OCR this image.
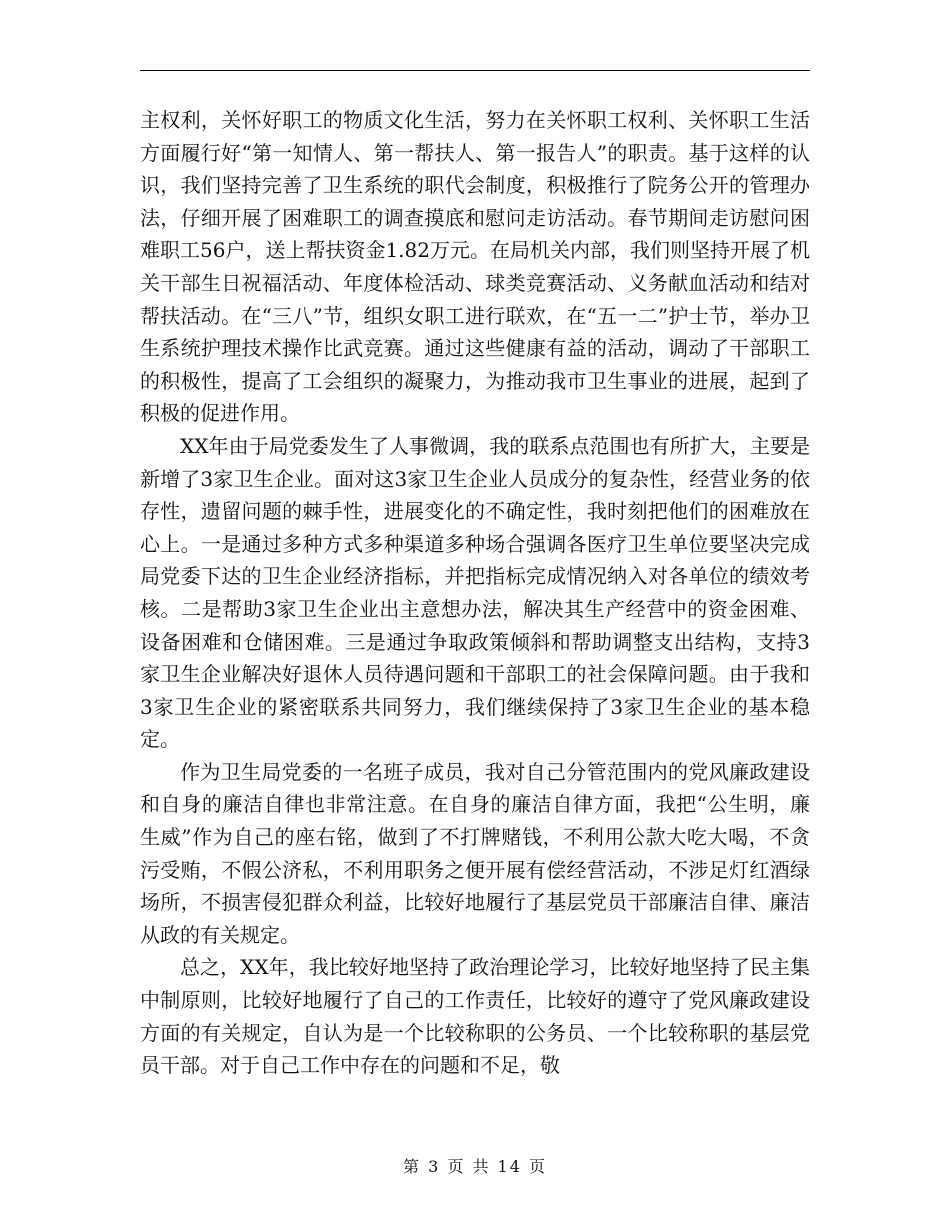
主权利，关怀好职工的物质文化生活，努力在关怀职工权利、关怀职工生活方面履行好“第一知情人、第一帮扶人、第一报告人”的职责。基于这样的认识，我们坚持完善了卫生系统的职代会制度，积极推行了院务公开的管理办法，仔细开展了困难职工的调查摸底和慰问走访活动。春节期间走访慰问困难职工56户，送上帮扶资金1.82万元。在局机关内部，我们则坚持开展了机关干部生日祝福活动、年度体检活动、球类竞赛活动、义务献血活动和结对帮扶活动。在“三八”节，组织女职工进行联欢，在“五一二”护士节，举办卫生系统护理技术操作比武竞赛。通过这些健康有益的活动，调动了干部职工的积极性，提高了工会组织的凝聚力，为推动我市卫生事业的进展，起到了积极的促进作用。

XX年由于局党委发生了人事微调，我的联系点范围也有所扩大，主要是新增了3家卫生企业。面对这3家卫生企业人员成分的复杂性，经营业务的依存性，遗留问题的棘手性，进展变化的不确定性，我时刻把他们的困难放在心上。一是通过多种方式多种渠道多种场合强调各医疗卫生单位要坚决完成局党委下达的卫生企业经济指标，并把指标完成情况纳入对各单位的绩效考核。二是帮助3家卫生企业出主意想办法，解决其生产经营中的资金困难、设备困难和仓储困难。三是通过争取政策倾斜和帮助调整支出结构，支持3家卫生企业解决好退休人员待遇问题和干部职工的社会保障问题。由于我和3家卫生企业的紧密联系共同努力，我们继续保持了3家卫生企业的基本稳定。

作为卫生局党委的一名班子成员，我对自己分管范围内的党风廉政建设和自身的廉洁自律也非常注意。在自身的廉洁自律方面，我把“公生明，廉生威”作为自己的座右铭，做到了不打牌赌钱，不利用公款大吃大喝，不贪污受贿，不假公济私，不利用职务之便开展有偿经营活动，不涉足灯红酒绿场所，不损害侵犯群众利益，比较好地履行了基层党员干部廉洁自律、廉洁从政的有关规定。

总之，XX年，我比较好地坚持了政治理论学习，比较好地坚持了民主集中制原则，比较好地履行了自己的工作责任，比较好的遵守了党风廉政建设方面的有关规定，自认为是一个比较称职的公务员、一个比较称职的基层党员干部。对于自己工作中存在的问题和不足，敬

第 3 页 共 14 页
